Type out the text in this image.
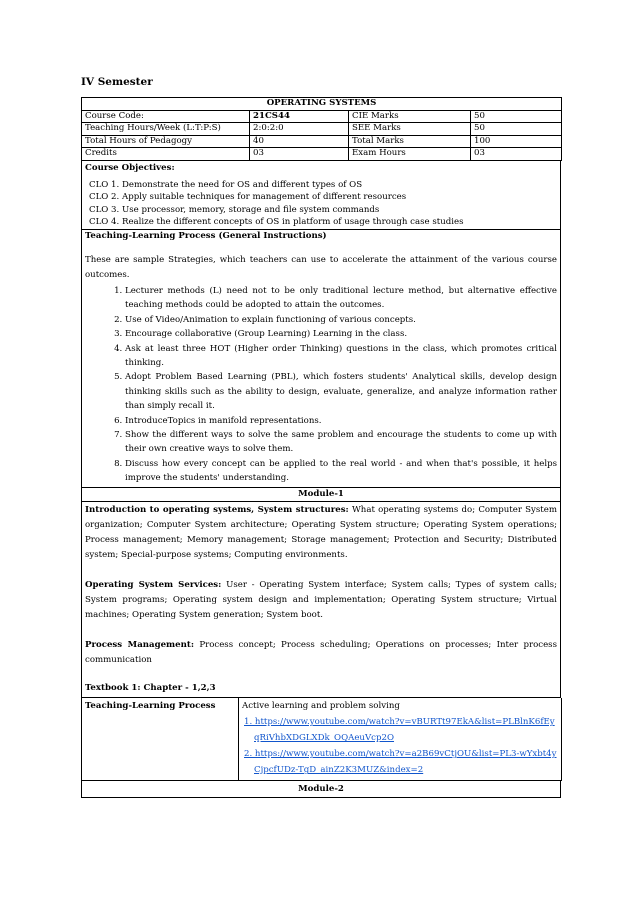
IV Semester
OPERATING SYSTEMS			
Course Code:	21CS44	CIE Marks	50
Teaching Hours/Week (L:T:P:S)	2:0:2:0	SEE Marks	50
Total Hours of Pedagogy	40	Total Marks	100
Credits	03	Exam Hours	03
Course Objectives:
CLO 1. Demonstrate the need for OS and different types of OS
CLO 2. Apply suitable techniques for management of different resources
CLO 3. Use processor, memory, storage and file system commands
CLO 4. Realize the different concepts of OS in platform of usage through case studies
Teaching-Learning Process (General Instructions)

These are sample Strategies, which teachers can use to accelerate the attainment of the various course outcomes.

1. Lecturer methods (L) need not to be only traditional lecture method, but alternative effective teaching methods could be adopted to attain the outcomes.
2. Use of Video/Animation to explain functioning of various concepts.
3. Encourage collaborative (Group Learning) Learning in the class.
4. Ask at least three HOT (Higher order Thinking) questions in the class, which promotes critical thinking.
5. Adopt Problem Based Learning (PBL), which fosters students' Analytical skills, develop design thinking skills such as the ability to design, evaluate, generalize, and analyze information rather than simply recall it.
6. IntroduceTopics in manifold representations.
7. Show the different ways to solve the same problem and encourage the students to come up with their own creative ways to solve them.
8. Discuss how every concept can be applied to the real world - and when that's possible, it helps improve the students' understanding.
Module-1

Introduction to operating systems, System structures: What operating systems do; Computer System organization; Computer System architecture; Operating System structure; Operating System operations; Process management; Memory management; Storage management; Protection and Security; Distributed system; Special-purpose systems; Computing environments.

Operating System Services: User - Operating System interface; System calls; Types of system calls; System programs; Operating system design and implementation; Operating System structure; Virtual machines; Operating System generation; System boot.

Process Management: Process concept; Process scheduling; Operations on processes; Inter process communication

Textbook 1: Chapter - 1,2,3
Teaching-Learning Process	Active learning and problem solving
1. https://www.youtube.com/watch?v=vBURTt97EkA&list=PLBlnK6fEyqRiVhbXDGLXDk_OQAeuVcp2O
2. https://www.youtube.com/watch?v=a2B69vCtjOU&list=PL3-wYxbt4yCjpcfUDz-TgD_ainZ2K3MUZ&index=2
Module-2
